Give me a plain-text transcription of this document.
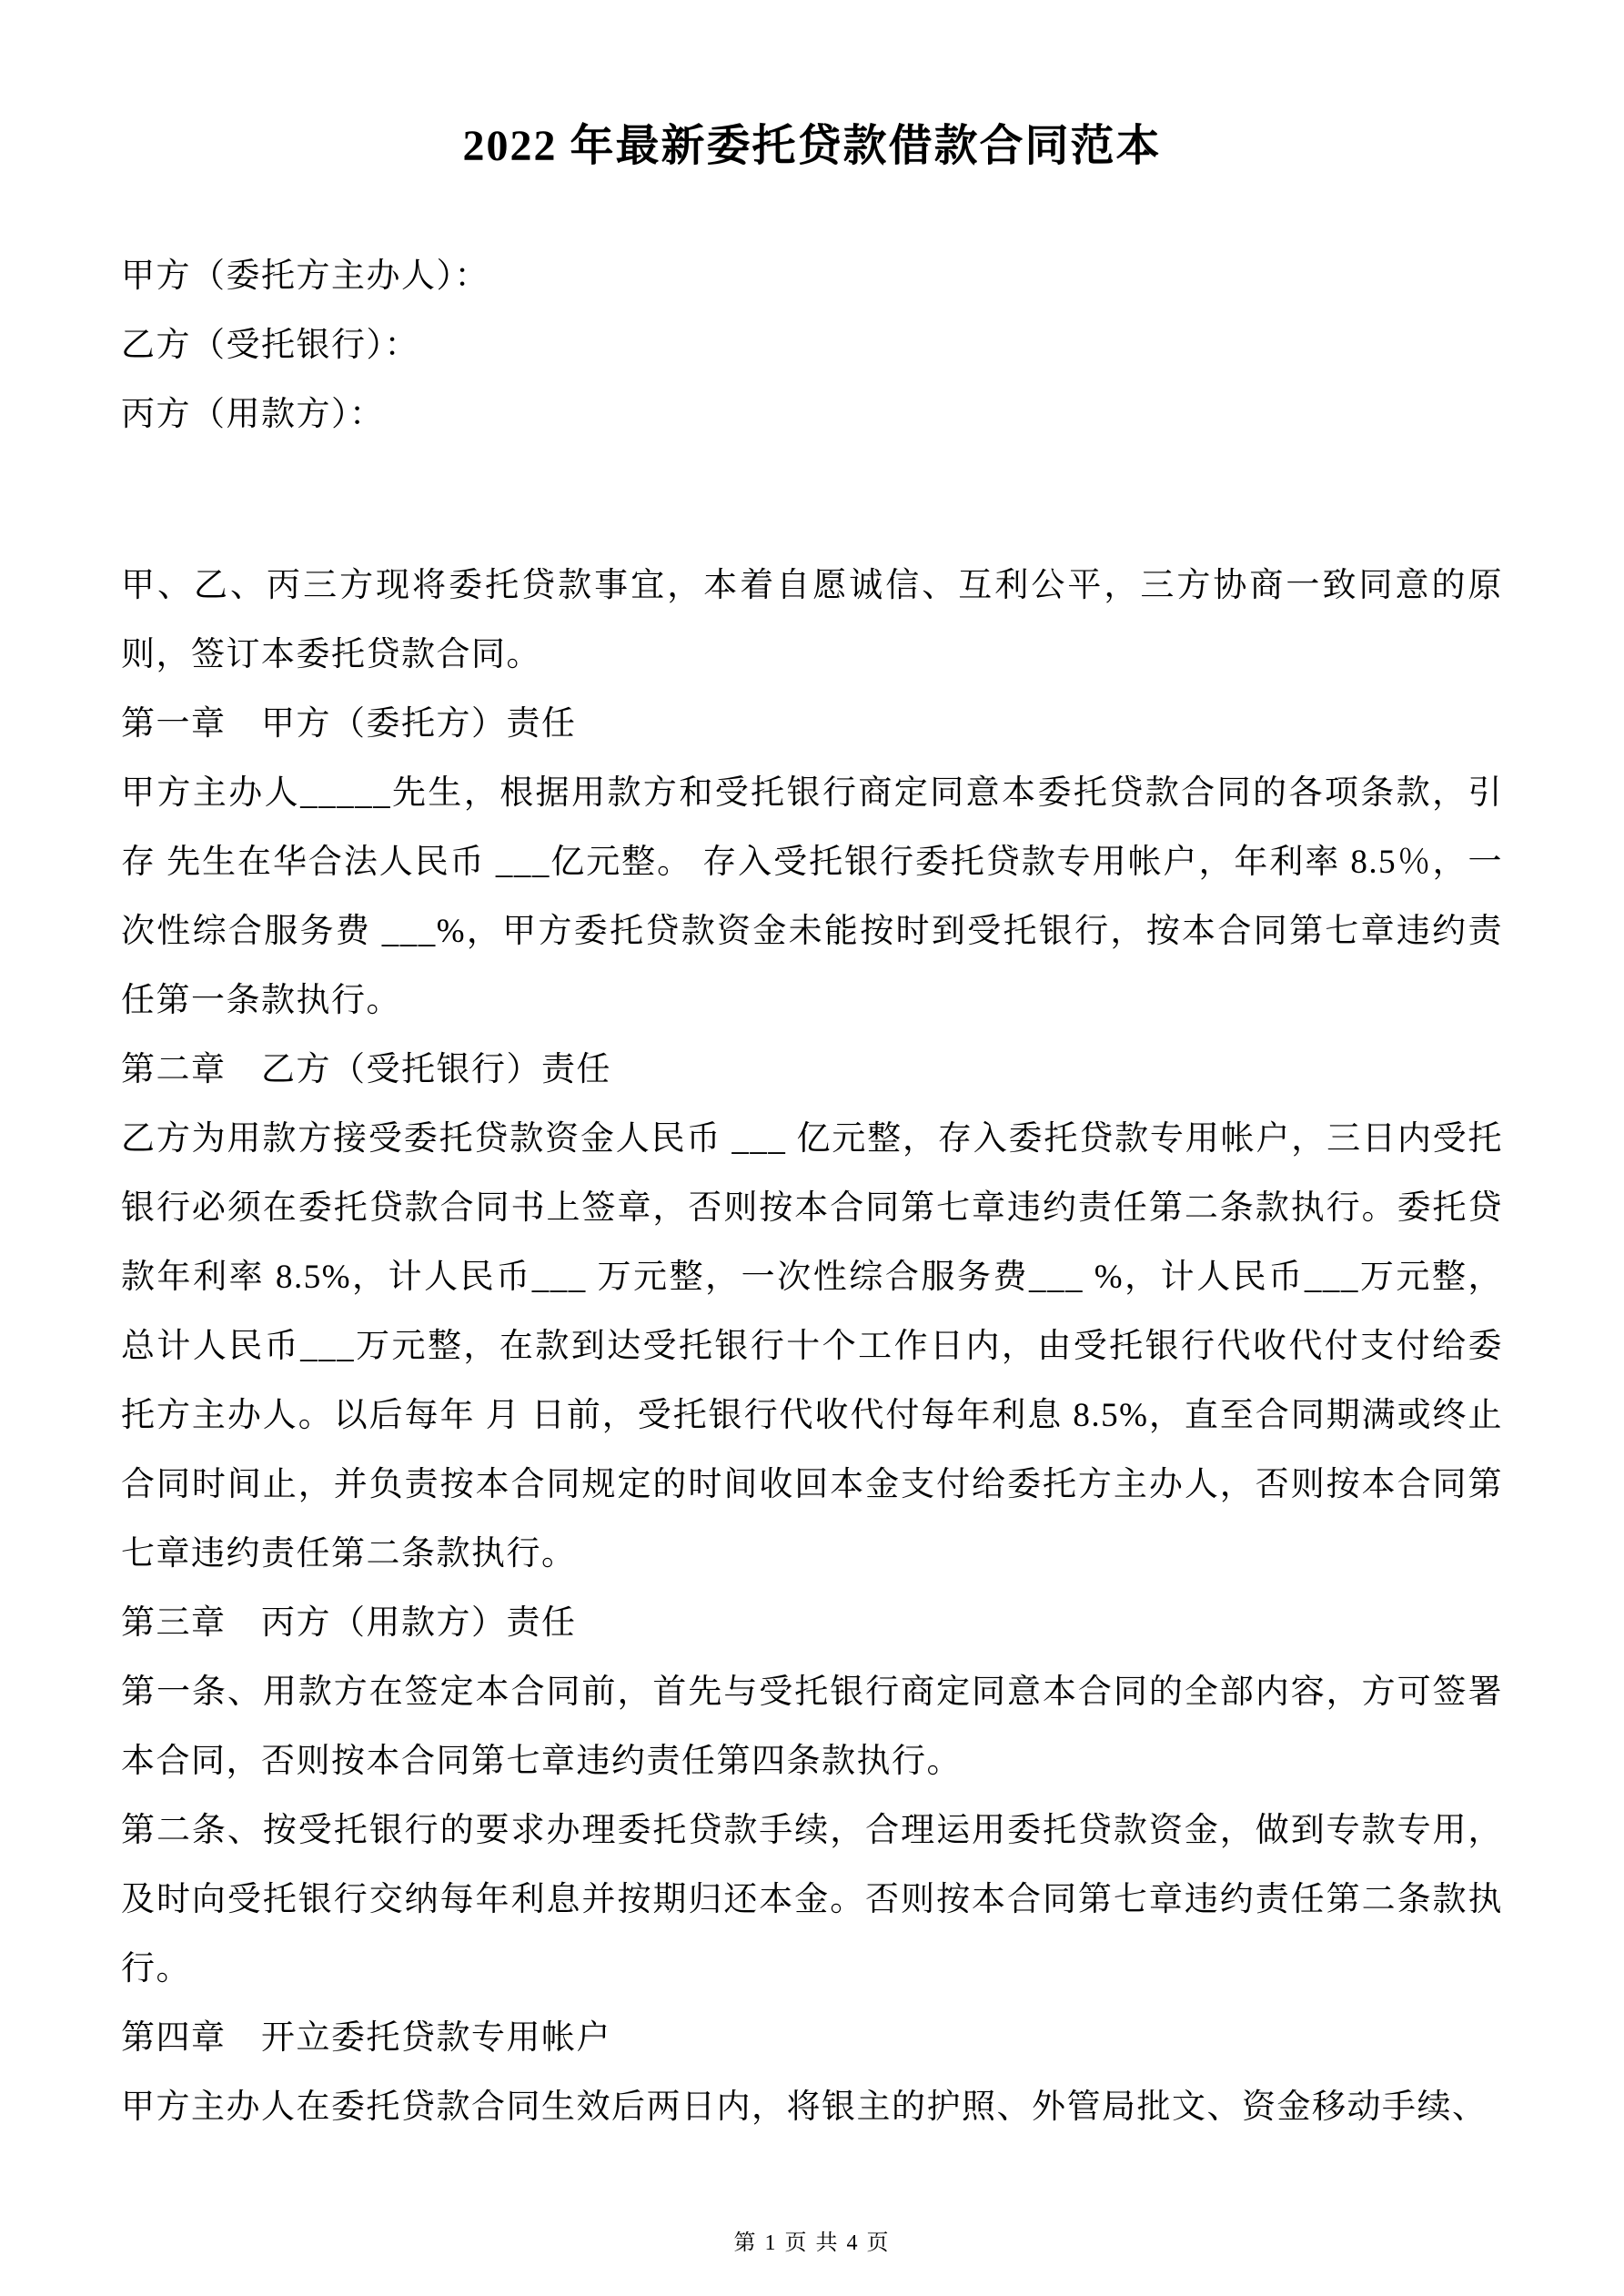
2022 年最新委托贷款借款合同范本

甲方（委托方主办人）：

乙方（受托银行）：

丙方（用款方）：

甲、乙、丙三方现将委托贷款事宜，本着自愿诚信、互利公平，三方协商一致同意的原则，签订本委托贷款合同。

第一章　甲方（委托方）责任

甲方主办人_____先生，根据用款方和受托银行商定同意本委托贷款合同的各项条款，引存 先生在华合法人民币 ___亿元整。 存入受托银行委托贷款专用帐户，年利率 8.5％，一次性综合服务费 ___%，甲方委托贷款资金未能按时到受托银行，按本合同第七章违约责任第一条款执行。

第二章　乙方（受托银行）责任

乙方为用款方接受委托贷款资金人民币 ___ 亿元整，存入委托贷款专用帐户，三日内受托银行必须在委托贷款合同书上签章，否则按本合同第七章违约责任第二条款执行。委托贷款年利率 8.5%，计人民币___ 万元整，一次性综合服务费___ %，计人民币___万元整，总计人民币___万元整，在款到达受托银行十个工作日内，由受托银行代收代付支付给委托方主办人。以后每年 月 日前，受托银行代收代付每年利息 8.5%，直至合同期满或终止合同时间止，并负责按本合同规定的时间收回本金支付给委托方主办人，否则按本合同第七章违约责任第二条款执行。

第三章　丙方（用款方）责任

第一条、用款方在签定本合同前，首先与受托银行商定同意本合同的全部内容，方可签署本合同，否则按本合同第七章违约责任第四条款执行。

第二条、按受托银行的要求办理委托贷款手续，合理运用委托贷款资金，做到专款专用，及时向受托银行交纳每年利息并按期归还本金。否则按本合同第七章违约责任第二条款执行。

第四章　开立委托贷款专用帐户

甲方主办人在委托贷款合同生效后两日内，将银主的护照、外管局批文、资金移动手续、

第 1 页 共 4 页
